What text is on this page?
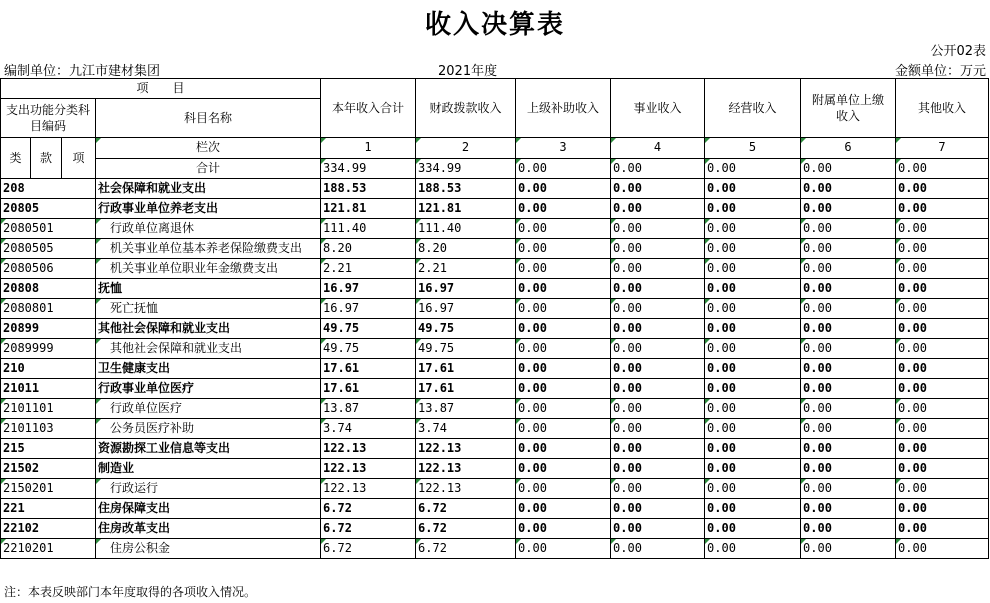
收入决算表
公开02表
编制单位：九江市建材集团	2021年度	金额单位：万元
项　　目				本年收入合计	财政拨款收入	上级补助收入	事业收入	经营收入	附属单位上缴收入	其他收入
支出功能分类科目编码			科目名称							

类	款	项	栏次	1	2	3	4	5	6	7
			合计	334.99	334.99	0.00	0.00	0.00	0.00	0.00
208			社会保障和就业支出	188.53	188.53	0.00	0.00	0.00	0.00	0.00
20805			行政事业单位养老支出	121.81	121.81	0.00	0.00	0.00	0.00	0.00
2080501			行政单位离退休	111.40	111.40	0.00	0.00	0.00	0.00	0.00
2080505			机关事业单位基本养老保险缴费支出	8.20	8.20	0.00	0.00	0.00	0.00	0.00
2080506			机关事业单位职业年金缴费支出	2.21	2.21	0.00	0.00	0.00	0.00	0.00
20808			抚恤	16.97	16.97	0.00	0.00	0.00	0.00	0.00
2080801			死亡抚恤	16.97	16.97	0.00	0.00	0.00	0.00	0.00
20899			其他社会保障和就业支出	49.75	49.75	0.00	0.00	0.00	0.00	0.00
2089999			其他社会保障和就业支出	49.75	49.75	0.00	0.00	0.00	0.00	0.00
210			卫生健康支出	17.61	17.61	0.00	0.00	0.00	0.00	0.00
21011			行政事业单位医疗	17.61	17.61	0.00	0.00	0.00	0.00	0.00
2101101			行政单位医疗	13.87	13.87	0.00	0.00	0.00	0.00	0.00
2101103			公务员医疗补助	3.74	3.74	0.00	0.00	0.00	0.00	0.00
215			资源勘探工业信息等支出	122.13	122.13	0.00	0.00	0.00	0.00	0.00
21502			制造业	122.13	122.13	0.00	0.00	0.00	0.00	0.00
2150201			行政运行	122.13	122.13	0.00	0.00	0.00	0.00	0.00
221			住房保障支出	6.72	6.72	0.00	0.00	0.00	0.00	0.00
22102			住房改革支出	6.72	6.72	0.00	0.00	0.00	0.00	0.00
2210201			住房公积金	6.72	6.72	0.00	0.00	0.00	0.00	0.00
注：本表反映部门本年度取得的各项收入情况。
